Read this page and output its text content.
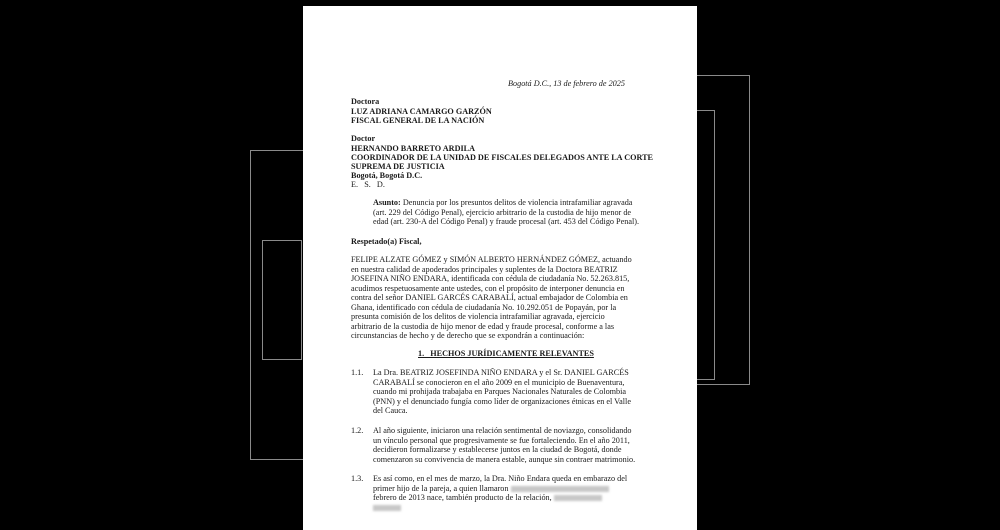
Bogotá D.C., 13 de febrero de 2025
Doctora
LUZ ADRIANA CAMARGO GARZÓN
FISCAL GENERAL DE LA NACIÓN
Doctor
HERNANDO BARRETO ARDILA
COORDINADOR DE LA UNIDAD DE FISCALES DELEGADOS ANTE LA CORTE
SUPREMA DE JUSTICIA
Bogotá, Bogotá D.C.
E.   S.   D.
Asunto: Denuncia por los presuntos delitos de violencia intrafamiliar agravada
(art. 229 del Código Penal), ejercicio arbitrario de la custodia de hijo menor de
edad (art. 230-A del Código Penal) y fraude procesal (art. 453 del Código Penal).
Respetado(a) Fiscal,
FELIPE ALZATE GÓMEZ y SIMÓN ALBERTO HERNÁNDEZ GÓMEZ, actuando
en nuestra calidad de apoderados principales y suplentes de la Doctora BEATRIZ
JOSEFINA NIÑO ENDARA, identificada con cédula de ciudadanía No. 52.263.815,
acudimos respetuosamente ante ustedes, con el propósito de interponer denuncia en
contra del señor DANIEL GARCÉS CARABALÍ, actual embajador de Colombia en
Ghana, identificado con cédula de ciudadanía No. 10.292.051 de Popayán, por la
presunta comisión de los delitos de violencia intrafamiliar agravada, ejercicio
arbitrario de la custodia de hijo menor de edad y fraude procesal, conforme a las
circunstancias de hecho y de derecho que se expondrán a continuación:
1.   HECHOS JURÍDICAMENTE RELEVANTES
1.1. La Dra. BEATRIZ JOSEFINDA NIÑO ENDARA y el Sr. DANIEL GARCÉS
CARABALÍ se conocieron en el año 2009 en el municipio de Buenaventura,
cuando mi prohijada trabajaba en Parques Nacionales Naturales de Colombia
(PNN) y el denunciado fungía como líder de organizaciones étnicas en el Valle
del Cauca.
1.2. Al año siguiente, iniciaron una relación sentimental de noviazgo, consolidando
un vínculo personal que progresivamente se fue fortaleciendo. En el año 2011,
decidieron formalizarse y establecerse juntos en la ciudad de Bogotá, donde
comenzaron su convivencia de manera estable, aunque sin contraer matrimonio.
1.3. Es así como, en el mes de marzo, la Dra. Niño Endara queda en embarazo del
primer hijo de la pareja, a quien llamaron
febrero de 2013 nace, también producto de la relación,
